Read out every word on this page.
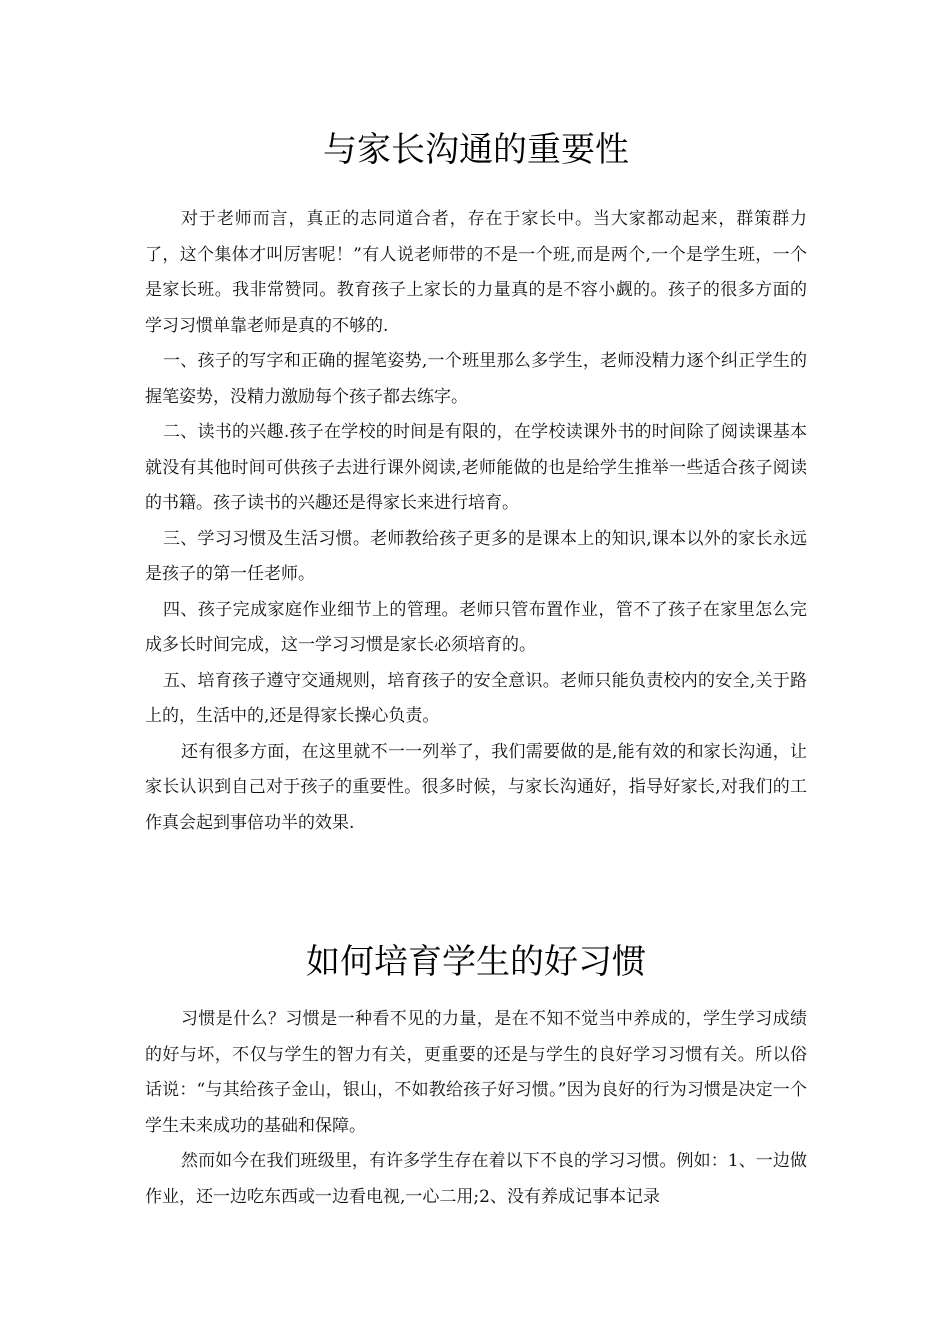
与家长沟通的重要性

对于老师而言，真正的志同道合者，存在于家长中。当大家都动起来，群策群力了，这个集体才叫厉害呢！”有人说老师带的不是一个班,而是两个,一个是学生班，一个是家长班。我非常赞同。教育孩子上家长的力量真的是不容小觑的。孩子的很多方面的学习习惯单靠老师是真的不够的.

一、孩子的写字和正确的握笔姿势,一个班里那么多学生，老师没精力逐个纠正学生的握笔姿势，没精力激励每个孩子都去练字。

二、读书的兴趣.孩子在学校的时间是有限的，在学校读课外书的时间除了阅读课基本就没有其他时间可供孩子去进行课外阅读,老师能做的也是给学生推举一些适合孩子阅读的书籍。孩子读书的兴趣还是得家长来进行培育。

三、学习习惯及生活习惯。老师教给孩子更多的是课本上的知识,课本以外的家长永远是孩子的第一任老师。

四、孩子完成家庭作业细节上的管理。老师只管布置作业，管不了孩子在家里怎么完成多长时间完成，这一学习习惯是家长必须培育的。

五、培育孩子遵守交通规则，培育孩子的安全意识。老师只能负责校内的安全,关于路上的，生活中的,还是得家长操心负责。

还有很多方面，在这里就不一一列举了，我们需要做的是,能有效的和家长沟通，让家长认识到自己对于孩子的重要性。很多时候，与家长沟通好，指导好家长,对我们的工作真会起到事倍功半的效果.

如何培育学生的好习惯

习惯是什么？习惯是一种看不见的力量，是在不知不觉当中养成的，学生学习成绩的好与坏，不仅与学生的智力有关，更重要的还是与学生的良好学习习惯有关。所以俗话说：“与其给孩子金山，银山，不如教给孩子好习惯。”因为良好的行为习惯是决定一个学生未来成功的基础和保障。

然而如今在我们班级里，有许多学生存在着以下不良的学习习惯。例如：1、一边做作业，还一边吃东西或一边看电视,一心二用;2、没有养成记事本记录
